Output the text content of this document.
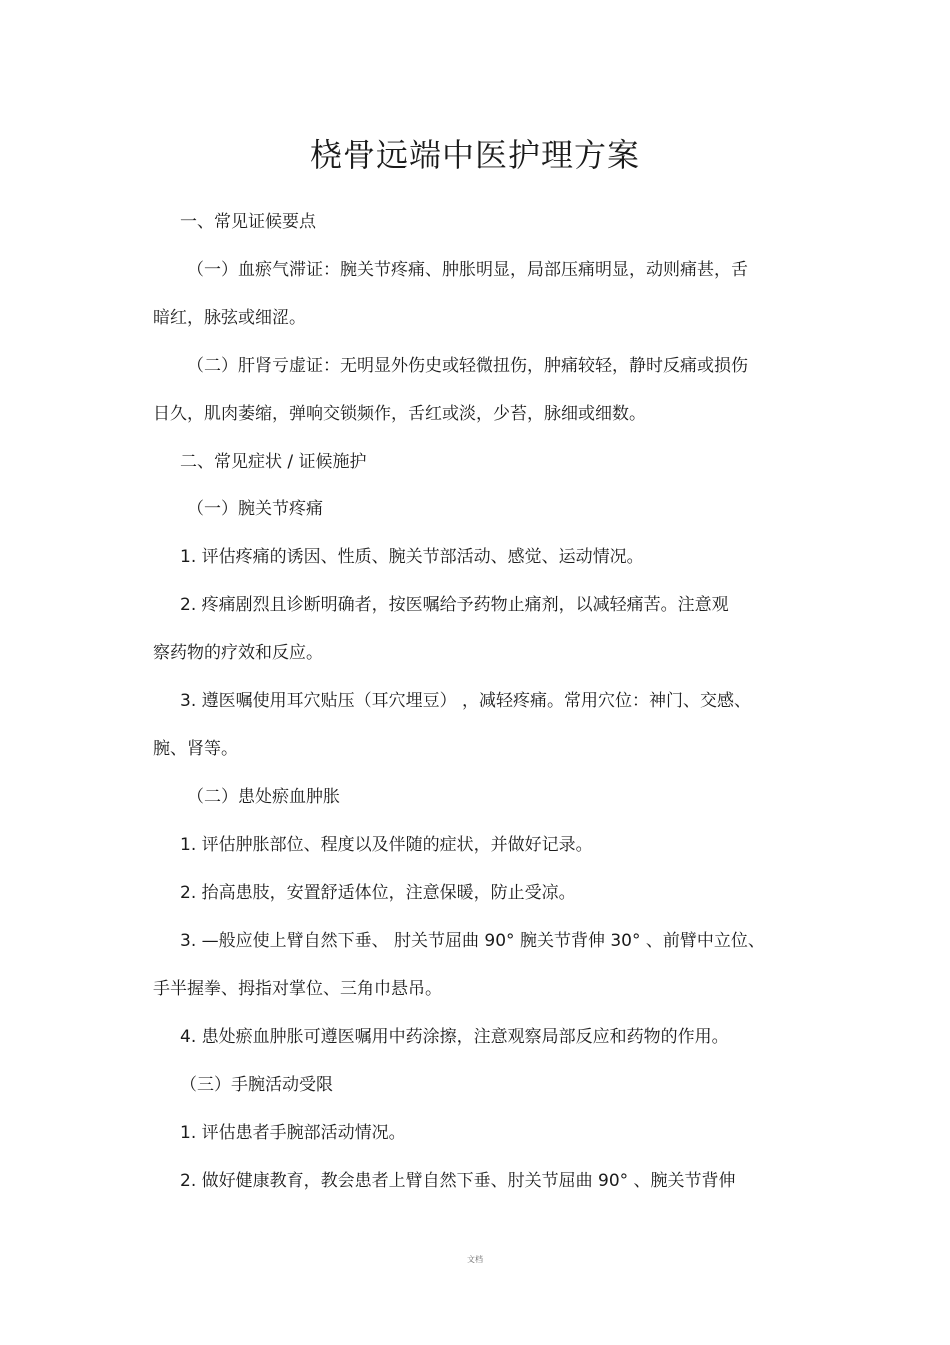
桡骨远端中医护理方案
一、常见证候要点
（一）血瘀气滞证：腕关节疼痛、肿胀明显，局部压痛明显，动则痛甚，舌
暗红，脉弦或细涩。
（二）肝肾亏虚证：无明显外伤史或轻微扭伤，肿痛较轻，静时反痛或损伤
日久，肌肉萎缩，弹响交锁频作，舌红或淡，少苔，脉细或细数。
二、常见症状 / 证候施护
（一）腕关节疼痛
1. 评估疼痛的诱因、性质、腕关节部活动、感觉、运动情况。
2. 疼痛剧烈且诊断明确者，按医嘱给予药物止痛剂，以减轻痛苦。注意观
察药物的疗效和反应。
3. 遵医嘱使用耳穴贴压（耳穴埋豆） ，减轻疼痛。常用穴位：神门、交感、
腕、肾等。
（二）患处瘀血肿胀
1. 评估肿胀部位、程度以及伴随的症状，并做好记录。
2. 抬高患肢，安置舒适体位，注意保暖，防止受凉。
3. —般应使上臂自然下垂、 肘关节屈曲 90° 腕关节背伸 30° 、前臂中立位、
手半握拳、拇指对掌位、三角巾悬吊。
4. 患处瘀血肿胀可遵医嘱用中药涂擦，注意观察局部反应和药物的作用。
（三）手腕活动受限
1. 评估患者手腕部活动情况。
2. 做好健康教育，教会患者上臂自然下垂、肘关节屈曲 90° 、腕关节背伸
文档
